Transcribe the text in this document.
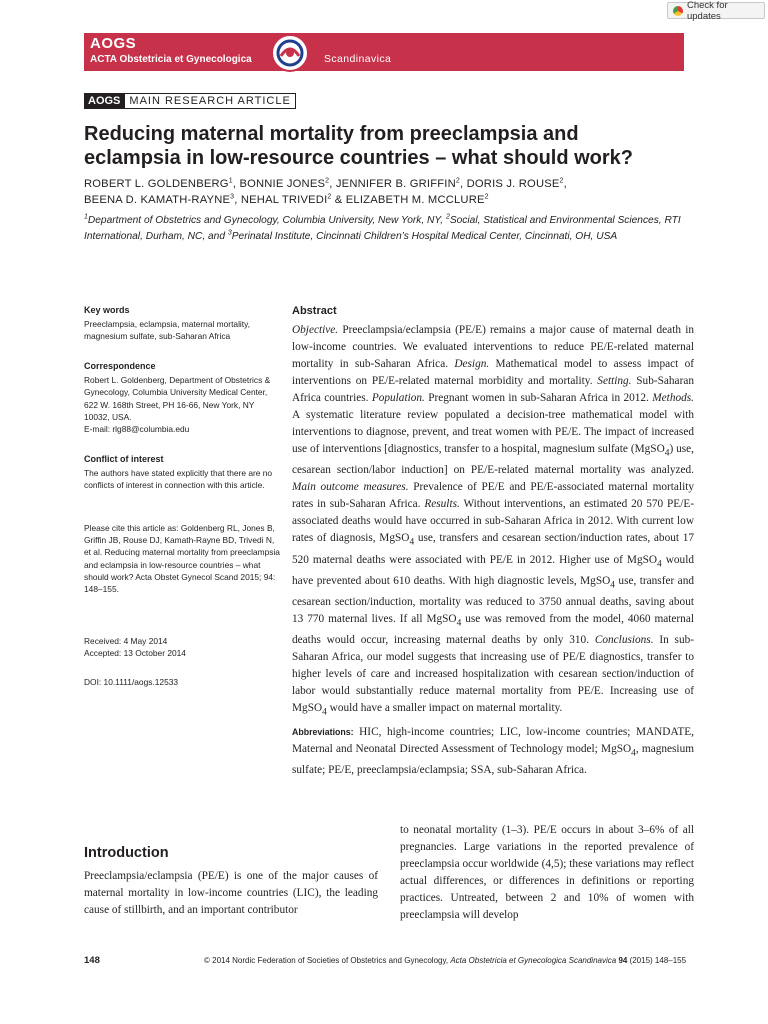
Check for updates
AOGS
ACTA Obstetricia et Gynecologica	Scandinavica
AOGS MAIN RESEARCH ARTICLE
Reducing maternal mortality from preeclampsia and
eclampsia in low-resource countries – what should work?
ROBERT L. GOLDENBERG$^1$, BONNIE JONES$^2$, JENNIFER B. GRIFFIN$^2$, DORIS J. ROUSE$^2$,
BEENA D. KAMATH-RAYNE$^3$, NEHAL TRIVEDI$^2$ & ELIZABETH M. MCCLURE$^2$
$^1$Department of Obstetrics and Gynecology, Columbia University, New York, NY, $^2$Social, Statistical and Environmental Sciences, RTI International, Durham, NC, and $^3$Perinatal Institute, Cincinnati Children’s Hospital Medical Center, Cincinnati, OH, USA
Key words
Preeclampsia, eclampsia, maternal mortality, magnesium sulfate, sub-Saharan Africa
Correspondence
Robert L. Goldenberg, Department of Obstetrics & Gynecology, Columbia University Medical Center, 622 W. 168th Street, PH 16-66, New York, NY 10032, USA.
E-mail: rlg88@columbia.edu
Conflict of interest
The authors have stated explicitly that there are no conflicts of interest in connection with this article.
Please cite this article as: Goldenberg RL, Jones B, Griffin JB, Rouse DJ, Kamath-Rayne BD, Trivedi N, et al. Reducing maternal mortality from preeclampsia and eclampsia in low-resource countries – what should work? Acta Obstet Gynecol Scand 2015; 94: 148–155.
Received: 4 May 2014
Accepted: 13 October 2014
DOI: 10.1111/aogs.12533
Abstract

Objective. Preeclampsia/eclampsia (PE/E) remains a major cause of maternal death in low-income countries. We evaluated interventions to reduce PE/E-related maternal mortality in sub-Saharan Africa. Design. Mathematical model to assess impact of interventions on PE/E-related maternal morbidity and mortality. Setting. Sub-Saharan Africa countries. Population. Pregnant women in sub-Saharan Africa in 2012. Methods. A systematic literature review populated a decision-tree mathematical model with interventions to diagnose, prevent, and treat women with PE/E. The impact of increased use of interventions [diagnostics, transfer to a hospital, magnesium sulfate (MgSO$_4$) use, cesarean section/labor induction] on PE/E-related maternal mortality was analyzed. Main outcome measures. Prevalence of PE/E and PE/E-associated maternal mortality rates in sub-Saharan Africa. Results. Without interventions, an estimated 20 570 PE/E-associated deaths would have occurred in sub-Saharan Africa in 2012. With current low rates of diagnosis, MgSO$_4$ use, transfers and cesarean section/induction rates, about 17 520 maternal deaths were associated with PE/E in 2012. Higher use of MgSO$_4$ would have prevented about 610 deaths. With high diagnostic levels, MgSO$_4$ use, transfer and cesarean section/induction, mortality was reduced to 3750 annual deaths, saving about 13 770 maternal lives. If all MgSO$_4$ use was removed from the model, 4060 maternal deaths would occur, increasing maternal deaths by only 310. Conclusions. In sub-Saharan Africa, our model suggests that increasing use of PE/E diagnostics, transfer to higher levels of care and increased hospitalization with cesarean section/induction of labor would substantially reduce maternal mortality from PE/E. Increasing use of MgSO$_4$ would have a smaller impact on maternal mortality.

Abbreviations: HIC, high-income countries; LIC, low-income countries; MANDATE, Maternal and Neonatal Directed Assessment of Technology model; MgSO$_4$, magnesium sulfate; PE/E, preeclampsia/eclampsia; SSA, sub-Saharan Africa.
Introduction

Preeclampsia/eclampsia (PE/E) is one of the major causes of maternal mortality in low-income countries (LIC), the leading cause of stillbirth, and an important contributor

to neonatal mortality (1–3). PE/E occurs in about 3–6% of all pregnancies. Large variations in the reported prevalence of preeclampsia occur worldwide (4,5); these variations may reflect actual differences, or differences in definitions or reporting practices. Untreated, between 2 and 10% of women with preeclampsia will develop

148	© 2014 Nordic Federation of Societies of Obstetrics and Gynecology, Acta Obstetricia et Gynecologica Scandinavica 94 (2015) 148–155
